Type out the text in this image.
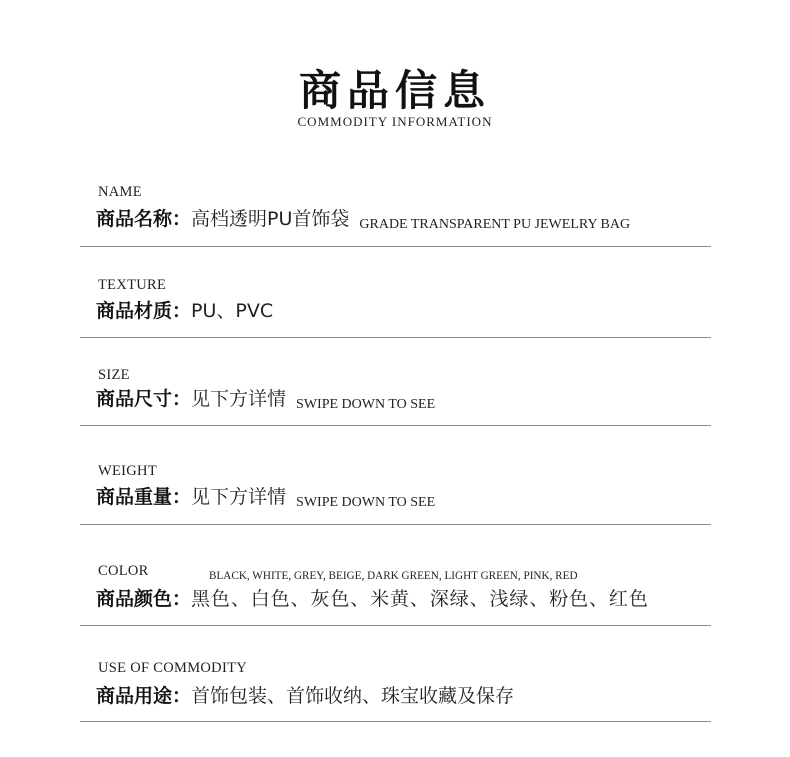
商品信息
COMMODITY INFORMATION
NAME
商品名称：高档透明PU首饰袋 GRADE TRANSPARENT PU JEWELRY BAG
TEXTURE
商品材质：PU、PVC
SIZE
商品尺寸：见下方详情 SWIPE DOWN TO SEE
WEIGHT
商品重量：见下方详情 SWIPE DOWN TO SEE
COLOR	BLACK, WHITE, GREY, BEIGE, DARK GREEN, LIGHT GREEN, PINK, RED
商品颜色：黑色、白色、灰色、米黄、深绿、浅绿、粉色、红色
USE OF COMMODITY
商品用途：首饰包装、首饰收纳、珠宝收藏及保存
